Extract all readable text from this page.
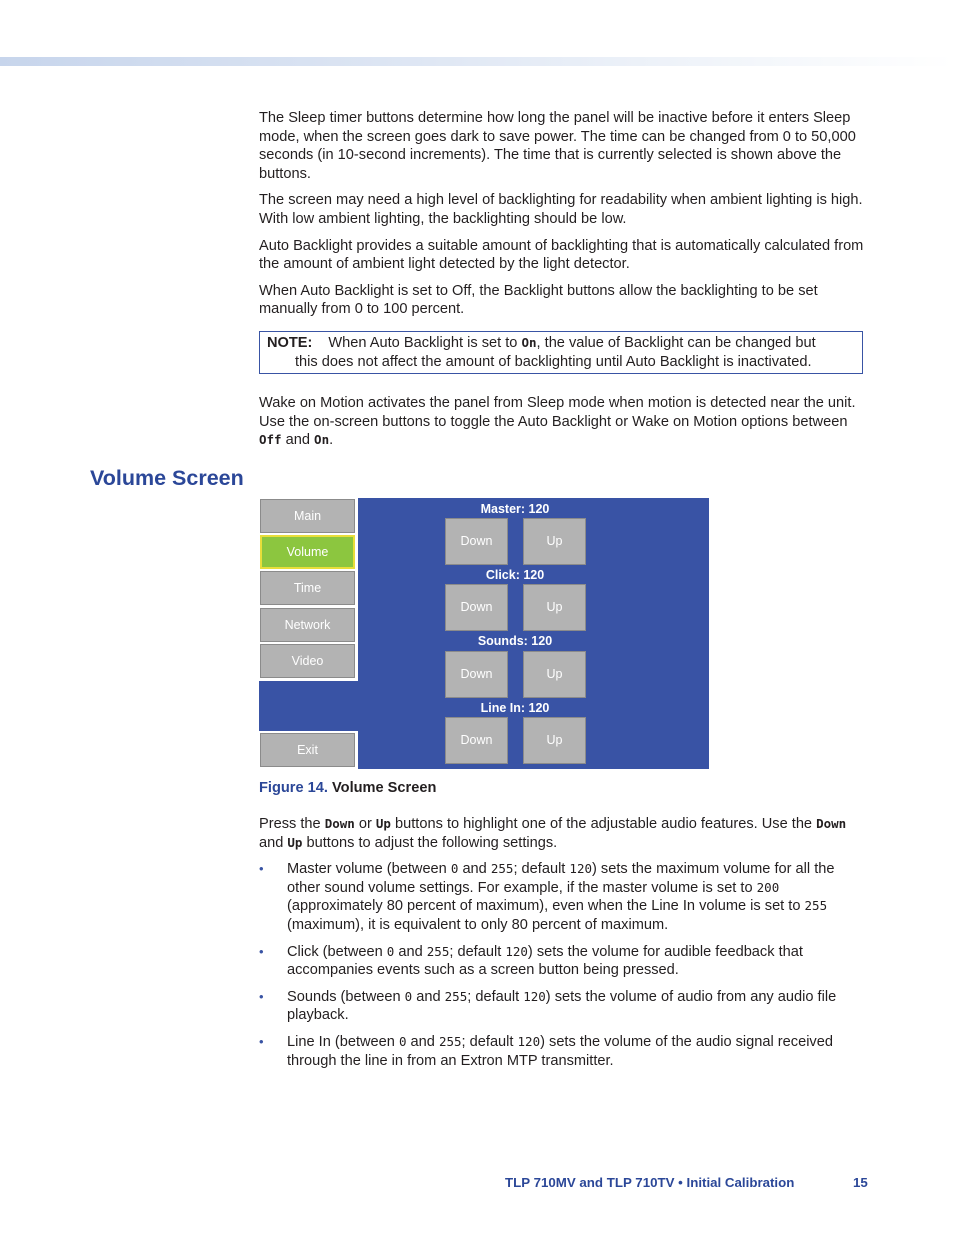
The Sleep timer buttons determine how long the panel will be inactive before it enters Sleep mode, when the screen goes dark to save power. The time can be changed from 0 to 50,000 seconds (in 10-second increments). The time that is currently selected is shown above the buttons.

The screen may need a high level of backlighting for readability when ambient lighting is high. With low ambient lighting, the backlighting should be low.

Auto Backlight provides a suitable amount of backlighting that is automatically calculated from the amount of ambient light detected by the light detector.

When Auto Backlight is set to Off, the Backlight buttons allow the backlighting to be set manually from 0 to 100 percent.

NOTE: When Auto Backlight is set to On, the value of Backlight can be changed but
this does not affect the amount of backlighting until Auto Backlight is inactivated.

Wake on Motion activates the panel from Sleep mode when motion is detected near the unit. Use the on-screen buttons to toggle the Auto Backlight or Wake on Motion options between Off and On.

Volume Screen
Main
Volume
Time
Network
Video
Exit
Master: 120
Down	Up
Click: 120
Down	Up
Sounds: 120
Down	Up
Line In: 120
Down	Up

Figure 14. Volume Screen

Press the Down or Up buttons to highlight one of the adjustable audio features. Use the Down and Up buttons to adjust the following settings.

• Master volume (between 0 and 255; default 120) sets the maximum volume for all the other sound volume settings. For example, if the master volume is set to 200 (approximately 80 percent of maximum), even when the Line In volume is set to 255 (maximum), it is equivalent to only 80 percent of maximum.
• Click (between 0 and 255; default 120) sets the volume for audible feedback that accompanies events such as a screen button being pressed.
• Sounds (between 0 and 255; default 120) sets the volume of audio from any audio file playback.
• Line In (between 0 and 255; default 120) sets the volume of the audio signal received through the line in from an Extron MTP transmitter.
TLP 710MV and TLP 710TV • Initial Calibration	15
